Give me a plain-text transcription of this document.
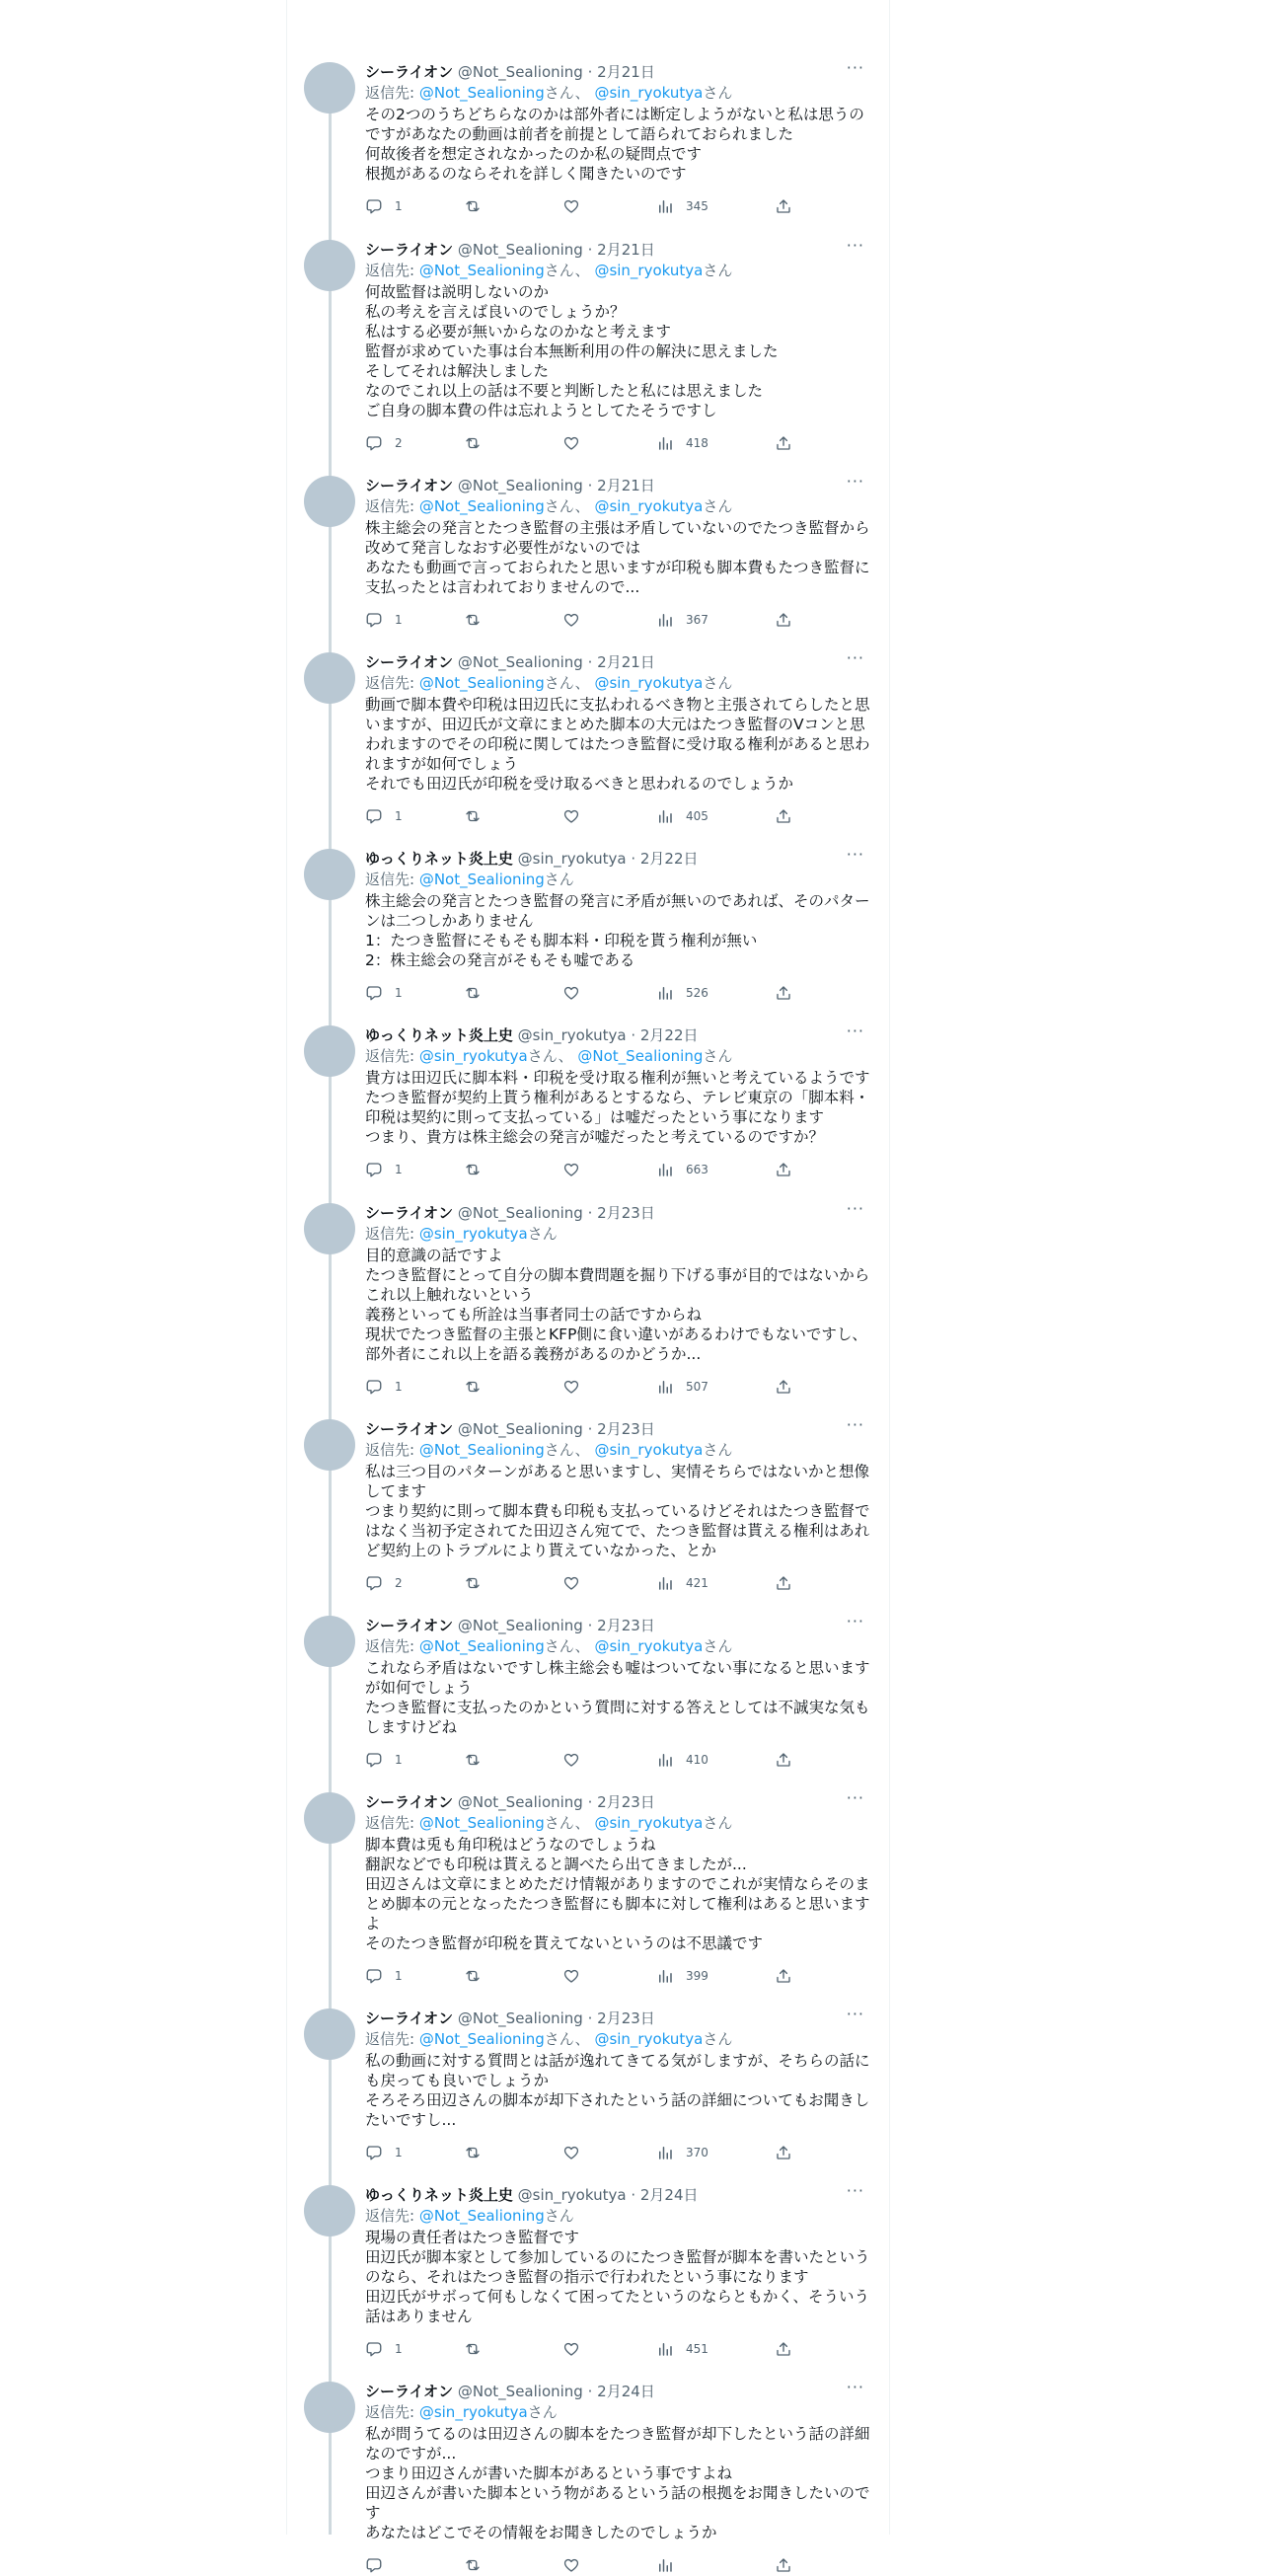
シーライオン @Not_Sealioning · 2月21日	···
返信先: @Not_Sealioningさん、 @sin_ryokutyaさん
その2つのうちどちらなのかは部外者には断定しようがないと私は思うのですがあなたの動画は前者を前提として語られておられました
何故後者を想定されなかったのか私の疑問点です
根拠があるのならそれを詳しく聞きたいのです
1	345
シーライオン @Not_Sealioning · 2月21日	···
返信先: @Not_Sealioningさん、 @sin_ryokutyaさん
何故監督は説明しないのか
私の考えを言えば良いのでしょうか？
私はする必要が無いからなのかなと考えます
監督が求めていた事は台本無断利用の件の解決に思えました
そしてそれは解決しました
なのでこれ以上の話は不要と判断したと私には思えました
ご自身の脚本費の件は忘れようとしてたそうですし
2	418
シーライオン @Not_Sealioning · 2月21日	···
返信先: @Not_Sealioningさん、 @sin_ryokutyaさん
株主総会の発言とたつき監督の主張は矛盾していないのでたつき監督から改めて発言しなおす必要性がないのでは
あなたも動画で言っておられたと思いますが印税も脚本費もたつき監督に支払ったとは言われておりませんので...
1	367
シーライオン @Not_Sealioning · 2月21日	···
返信先: @Not_Sealioningさん、 @sin_ryokutyaさん
動画で脚本費や印税は田辺氏に支払われるべき物と主張されてらしたと思いますが、田辺氏が文章にまとめた脚本の大元はたつき監督のVコンと思われますのでその印税に関してはたつき監督に受け取る権利があると思われますが如何でしょう
それでも田辺氏が印税を受け取るべきと思われるのでしょうか
1	405
ゆっくりネット炎上史 @sin_ryokutya · 2月22日	···
返信先: @Not_Sealioningさん
株主総会の発言とたつき監督の発言に矛盾が無いのであれば、そのパターンは二つしかありません
1：たつき監督にそもそも脚本料・印税を貰う権利が無い
2：株主総会の発言がそもそも嘘である
1	526
ゆっくりネット炎上史 @sin_ryokutya · 2月22日	···
返信先: @sin_ryokutyaさん、 @Not_Sealioningさん
貴方は田辺氏に脚本料・印税を受け取る権利が無いと考えているようですたつき監督が契約上貰う権利があるとするなら、テレビ東京の「脚本料・印税は契約に則って支払っている」は嘘だったという事になります
つまり、貴方は株主総会の発言が嘘だったと考えているのですか？
1	663
シーライオン @Not_Sealioning · 2月23日	···
返信先: @sin_ryokutyaさん
目的意識の話ですよ
たつき監督にとって自分の脚本費問題を掘り下げる事が目的ではないからこれ以上触れないという
義務といっても所詮は当事者同士の話ですからね
現状でたつき監督の主張とKFP側に食い違いがあるわけでもないですし、部外者にこれ以上を語る義務があるのかどうか...
1	507
シーライオン @Not_Sealioning · 2月23日	···
返信先: @Not_Sealioningさん、 @sin_ryokutyaさん
私は三つ目のパターンがあると思いますし、実情そちらではないかと想像してます
つまり契約に則って脚本費も印税も支払っているけどそれはたつき監督ではなく当初予定されてた田辺さん宛てで、たつき監督は貰える権利はあれど契約上のトラブルにより貰えていなかった、とか
2	421
シーライオン @Not_Sealioning · 2月23日	···
返信先: @Not_Sealioningさん、 @sin_ryokutyaさん
これなら矛盾はないですし株主総会も嘘はついてない事になると思いますが如何でしょう
たつき監督に支払ったのかという質問に対する答えとしては不誠実な気もしますけどね
1	410
シーライオン @Not_Sealioning · 2月23日	···
返信先: @Not_Sealioningさん、 @sin_ryokutyaさん
脚本費は兎も角印税はどうなのでしょうね
翻訳などでも印税は貰えると調べたら出てきましたが...
田辺さんは文章にまとめただけ情報がありますのでこれが実情ならそのまとめ脚本の元となったたつき監督にも脚本に対して権利はあると思いますよ
そのたつき監督が印税を貰えてないというのは不思議です
1	399
シーライオン @Not_Sealioning · 2月23日	···
返信先: @Not_Sealioningさん、 @sin_ryokutyaさん
私の動画に対する質問とは話が逸れてきてる気がしますが、そちらの話にも戻っても良いでしょうか
そろそろ田辺さんの脚本が却下されたという話の詳細についてもお聞きしたいですし...
1	370
ゆっくりネット炎上史 @sin_ryokutya · 2月24日	···
返信先: @Not_Sealioningさん
現場の責任者はたつき監督です
田辺氏が脚本家として参加しているのにたつき監督が脚本を書いたというのなら、それはたつき監督の指示で行われたという事になります
田辺氏がサボって何もしなくて困ってたというのならともかく、そういう話はありません
1	451
シーライオン @Not_Sealioning · 2月24日	···
返信先: @sin_ryokutyaさん
私が問うてるのは田辺さんの脚本をたつき監督が却下したという話の詳細なのですが...
つまり田辺さんが書いた脚本があるという事ですよね
田辺さんが書いた脚本という物があるという話の根拠をお聞きしたいのです
あなたはどこでその情報をお聞きしたのでしょうか
